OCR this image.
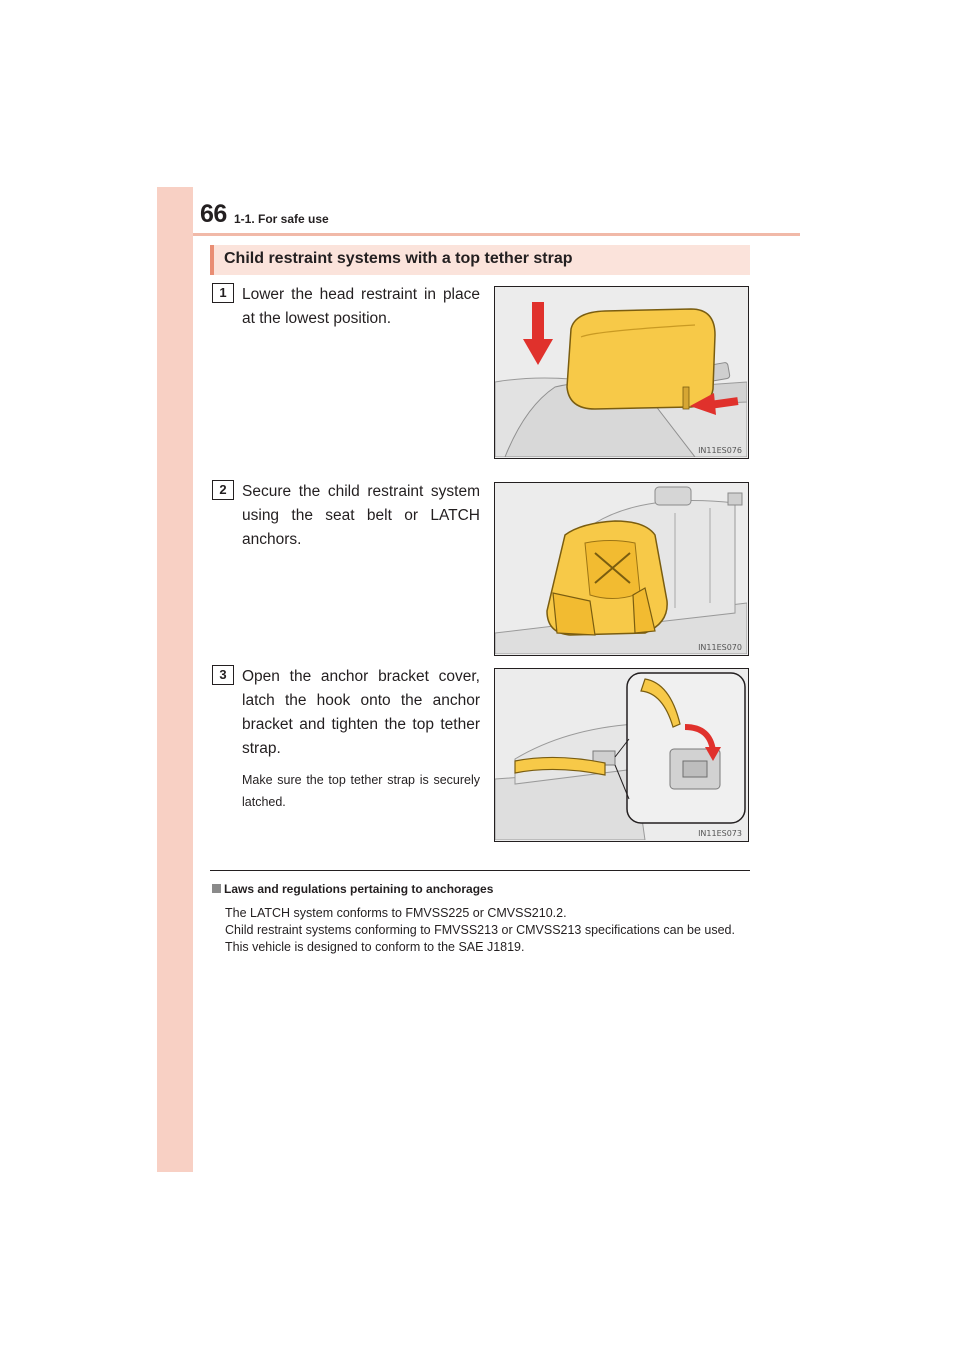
66 1-1. For safe use
Child restraint systems with a top tether strap
1 Lower the head restraint in place at the lowest position.
IN11ES076
2 Secure the child restraint system using the seat belt or LATCH anchors.
IN11ES070
3 Open the anchor bracket cover, latch the hook onto the anchor bracket and tighten the top tether strap.
Make sure the top tether strap is securely latched.
IN11ES073
Laws and regulations pertaining to anchorages

The LATCH system conforms to FMVSS225 or CMVSS210.2.

Child restraint systems conforming to FMVSS213 or CMVSS213 specifications can be used.

This vehicle is designed to conform to the SAE J1819.
